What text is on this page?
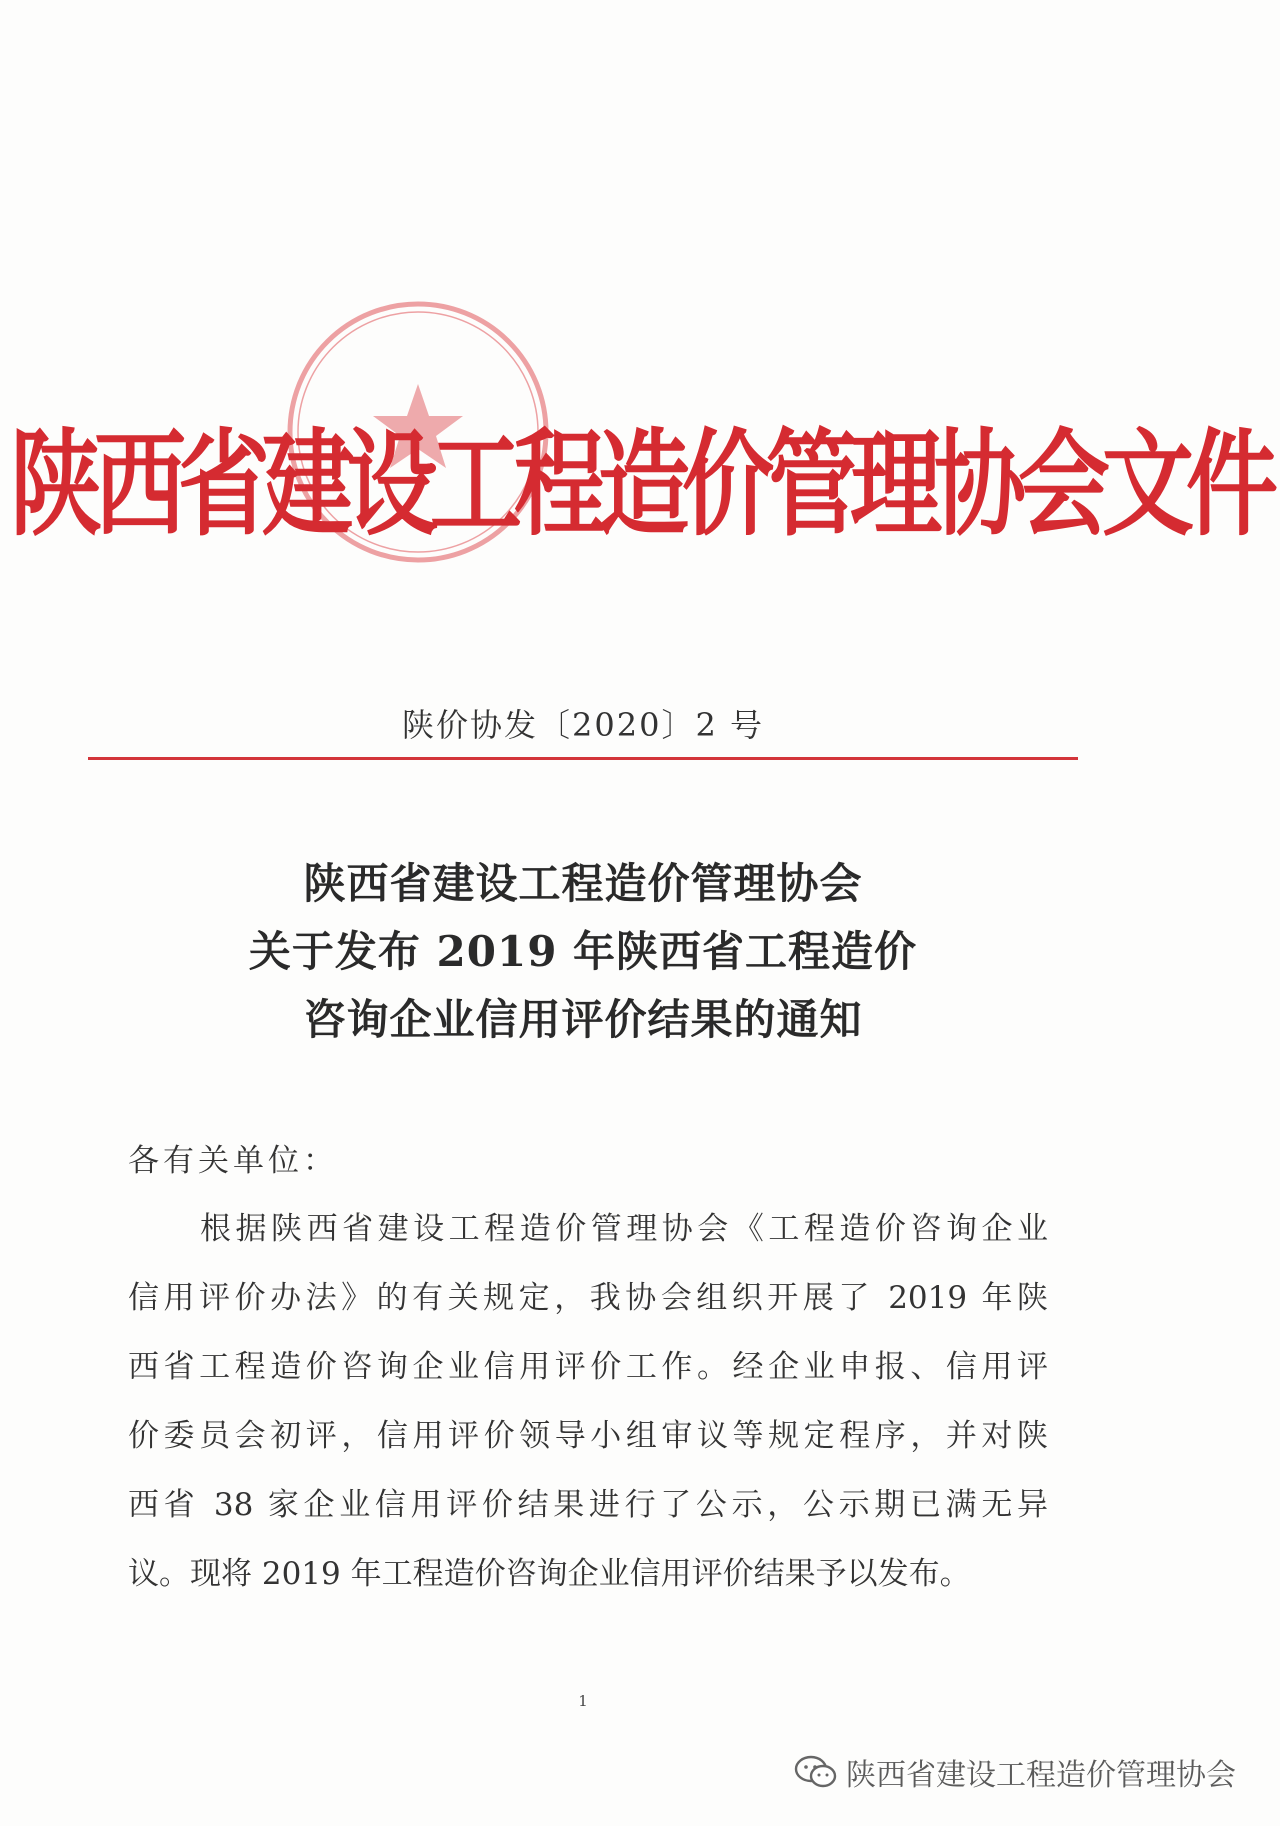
陕西省建设工程造价管理协会文件
陕价协发〔2020〕2 号
陕西省建设工程造价管理协会
关于发布 2019 年陕西省工程造价
咨询企业信用评价结果的通知
各有关单位：
根据陕西省建设工程造价管理协会《工程造价咨询企业
信用评价办法》的有关规定，我协会组织开展了 2019 年陕
西省工程造价咨询企业信用评价工作。经企业申报、信用评
价委员会初评，信用评价领导小组审议等规定程序，并对陕
西省 38 家企业信用评价结果进行了公示，公示期已满无异
议。现将 2019 年工程造价咨询企业信用评价结果予以发布。
1
陕西省建设工程造价管理协会
